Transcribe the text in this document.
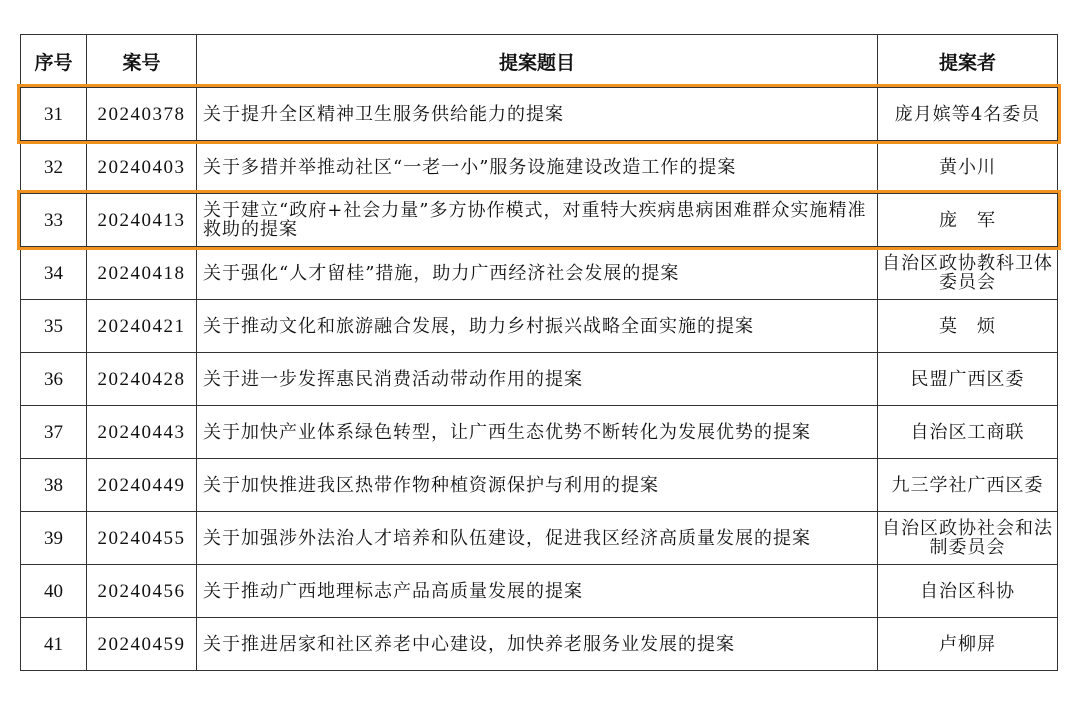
序号	案号	提案题目	提案者
31	20240378	关于提升全区精神卫生服务供给能力的提案	庞月嫔等4名委员
32	20240403	关于多措并举推动社区“一老一小”服务设施建设改造工作的提案	黄小川
33	20240413	关于建立“政府+社会力量”多方协作模式，对重特大疾病患病困难群众实施精准救助的提案	庞　军
34	20240418	关于强化“人才留桂”措施，助力广西经济社会发展的提案	自治区政协教科卫体委员会
35	20240421	关于推动文化和旅游融合发展，助力乡村振兴战略全面实施的提案	莫　烦
36	20240428	关于进一步发挥惠民消费活动带动作用的提案	民盟广西区委
37	20240443	关于加快产业体系绿色转型，让广西生态优势不断转化为发展优势的提案	自治区工商联
38	20240449	关于加快推进我区热带作物种植资源保护与利用的提案	九三学社广西区委
39	20240455	关于加强涉外法治人才培养和队伍建设，促进我区经济高质量发展的提案	自治区政协社会和法制委员会
40	20240456	关于推动广西地理标志产品高质量发展的提案	自治区科协
41	20240459	关于推进居家和社区养老中心建设，加快养老服务业发展的提案	卢柳屏
